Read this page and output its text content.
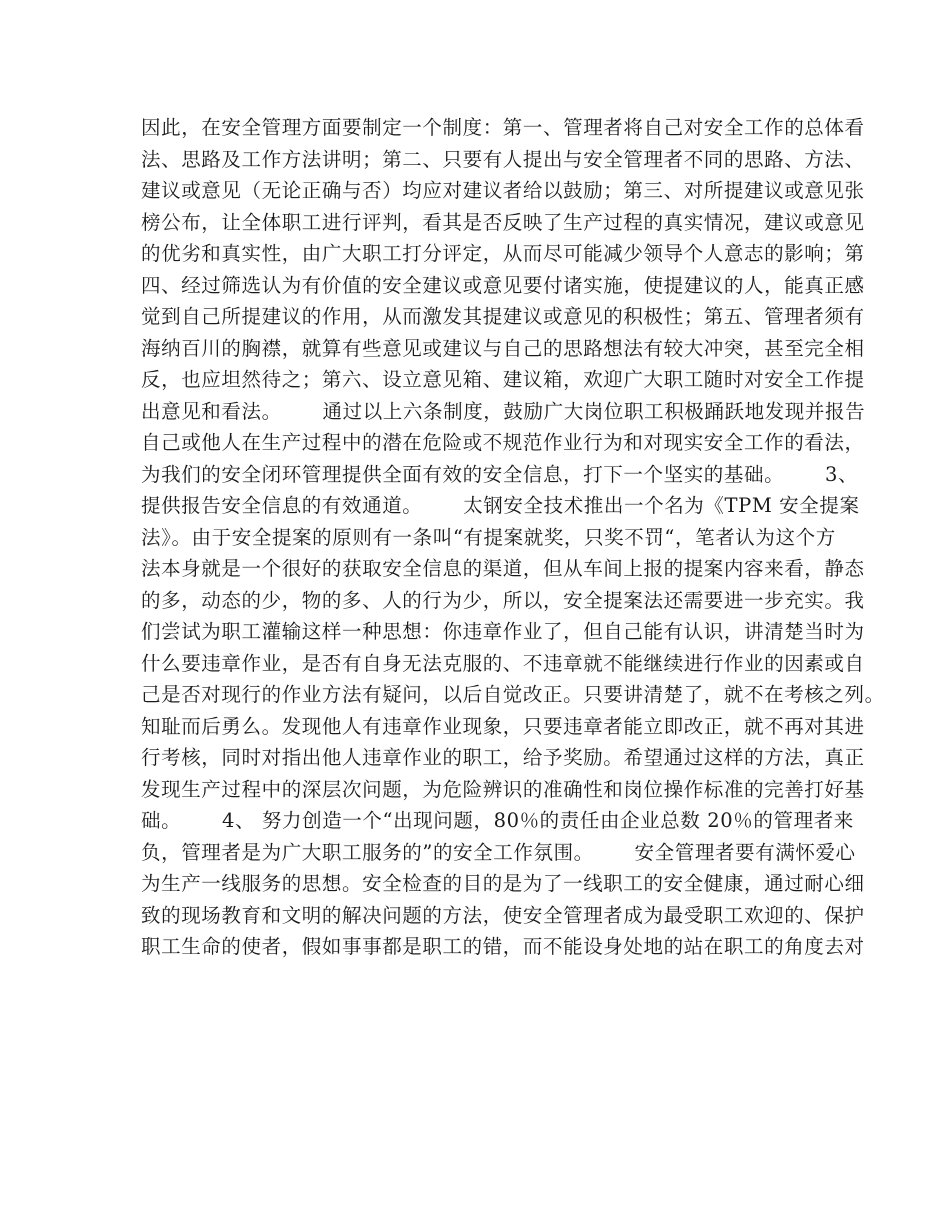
因此，在安全管理方面要制定一个制度：第一、管理者将自己对安全工作的总体看
法、思路及工作方法讲明；第二、只要有人提出与安全管理者不同的思路、方法、
建议或意见（无论正确与否）均应对建议者给以鼓励；第三、对所提建议或意见张
榜公布，让全体职工进行评判，看其是否反映了生产过程的真实情况，建议或意见
的优劣和真实性，由广大职工打分评定，从而尽可能减少领导个人意志的影响；第
四、经过筛选认为有价值的安全建议或意见要付诸实施，使提建议的人，能真正感
觉到自己所提建议的作用，从而激发其提建议或意见的积极性；第五、管理者须有
海纳百川的胸襟，就算有些意见或建议与自己的思路想法有较大冲突，甚至完全相
反，也应坦然待之；第六、设立意见箱、建议箱，欢迎广大职工随时对安全工作提
出意见和看法。      通过以上六条制度，鼓励广大岗位职工积极踊跃地发现并报告
自己或他人在生产过程中的潜在危险或不规范作业行为和对现实安全工作的看法，
为我们的安全闭环管理提供全面有效的安全信息，打下一个坚实的基础。      3、
提供报告安全信息的有效通道。      太钢安全技术推出一个名为《TPM 安全提案
法》。由于安全提案的原则有一条叫“有提案就奖，只奖不罚“，笔者认为这个方
法本身就是一个很好的获取安全信息的渠道，但从车间上报的提案内容来看，静态
的多，动态的少，物的多、人的行为少，所以，安全提案法还需要进一步充实。我
们尝试为职工灌输这样一种思想：你违章作业了，但自己能有认识，讲清楚当时为
什么要违章作业，是否有自身无法克服的、不违章就不能继续进行作业的因素或自
己是否对现行的作业方法有疑问，以后自觉改正。只要讲清楚了，就不在考核之列。
知耻而后勇么。发现他人有违章作业现象，只要违章者能立即改正，就不再对其进
行考核，同时对指出他人违章作业的职工，给予奖励。希望通过这样的方法，真正
发现生产过程中的深层次问题，为危险辨识的准确性和岗位操作标准的完善打好基
础。      4、 努力创造一个“出现问题，80％的责任由企业总数 20％的管理者来
负，管理者是为广大职工服务的”的安全工作氛围。      安全管理者要有满怀爱心
为生产一线服务的思想。安全检查的目的是为了一线职工的安全健康，通过耐心细
致的现场教育和文明的解决问题的方法，使安全管理者成为最受职工欢迎的、保护
职工生命的使者，假如事事都是职工的错，而不能设身处地的站在职工的角度去对
